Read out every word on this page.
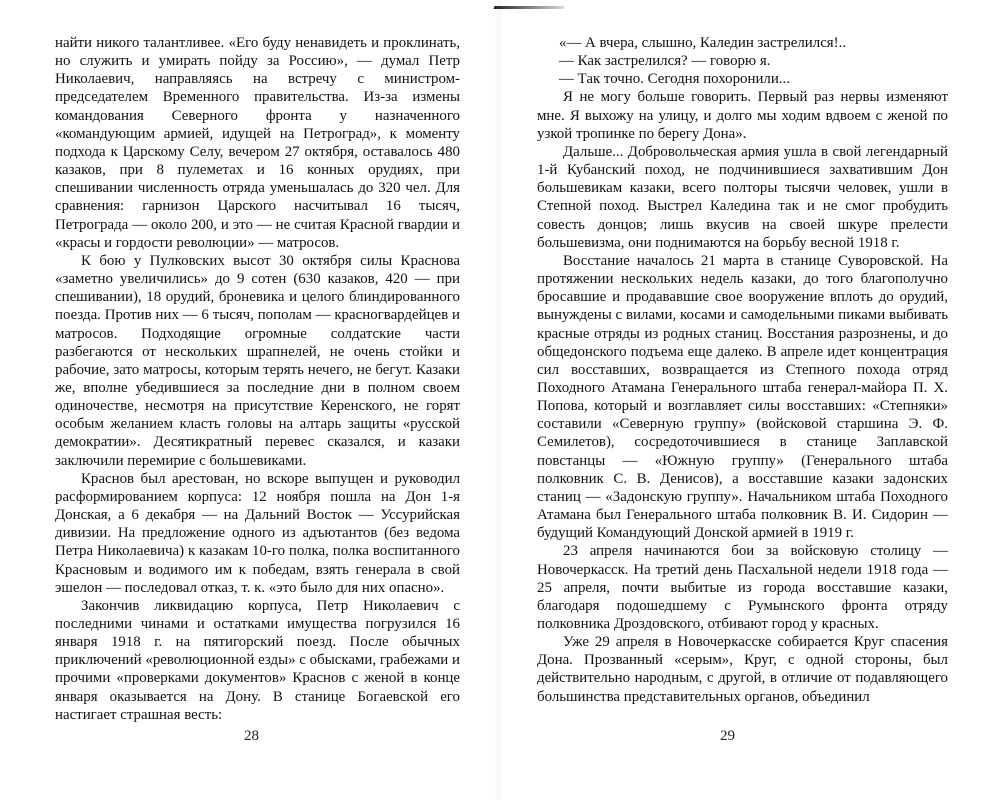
найти никого талантливее. «Его буду ненавидеть и проклинать, но служить и умирать пойду за Россию», — думал Петр Николаевич, направляясь на встречу с министром-председателем Временного правительства. Из-за измены командования Северного фронта у назначенного «командующим армией, идущей на Петроград», к моменту подхода к Царскому Селу, вечером 27 октября, оставалось 480 казаков, при 8 пулеметах и 16 конных орудиях, при спешивании численность отряда уменьшалась до 320 чел. Для сравнения: гарнизон Царского насчитывал 16 тысяч, Петрограда — около 200, и это — не считая Красной гвардии и «красы и гордости революции» — матросов.

К бою у Пулковских высот 30 октября силы Краснова «заметно увеличились» до 9 сотен (630 казаков, 420 — при спешивании), 18 орудий, броневика и целого блиндированного поезда. Против них — 6 тысяч, пополам — красногвардейцев и матросов. Подходящие огромные солдатские части разбегаются от нескольких шрапнелей, не очень стойки и рабочие, зато матросы, которым терять нечего, не бегут. Казаки же, вполне убедившиеся за последние дни в полном своем одиночестве, несмотря на присутствие Керенского, не горят особым желанием класть головы на алтарь защиты «русской демократии». Десятикратный перевес сказался, и казаки заключили перемирие с большевиками.

Краснов был арестован, но вскоре выпущен и руководил расформированием корпуса: 12 ноября пошла на Дон 1-я Донская, а 6 декабря — на Дальний Восток — Уссурийская дивизии. На предложение одного из адъютантов (без ведома Петра Николаевича) к казакам 10-го полка, полка воспитанного Красновым и водимого им к победам, взять генерала в свой эшелон — последовал отказ, т. к. «это было для них опасно».

Закончив ликвидацию корпуса, Петр Николаевич с последними чинами и остатками имущества погрузился 16 января 1918 г. на пятигорский поезд. После обычных приключений «революционной езды» с обысками, грабежами и прочими «проверками документов» Краснов с женой в конце января оказывается на Дону. В станице Богаевской его настигает страшная весть:

28

«— А вчера, слышно, Каледин застрелился!..

— Как застрелился? — говорю я.

— Так точно. Сегодня похоронили...

Я не могу больше говорить. Первый раз нервы изменяют мне. Я выхожу на улицу, и долго мы ходим вдвоем с женой по узкой тропинке по берегу Дона».

Дальше... Добровольческая армия ушла в свой легендарный 1-й Кубанский поход, не подчинившиеся захватившим Дон большевикам казаки, всего полторы тысячи человек, ушли в Степной поход. Выстрел Каледина так и не смог пробудить совесть донцов; лишь вкусив на своей шкуре прелести большевизма, они поднимаются на борьбу весной 1918 г.

Восстание началось 21 марта в станице Суворовской. На протяжении нескольких недель казаки, до того благополучно бросавшие и продававшие свое вооружение вплоть до орудий, вынуждены с вилами, косами и самодельными пиками выбивать красные отряды из родных станиц. Восстания разрознены, и до общедонского подъема еще далеко. В апреле идет концентрация сил восставших, возвращается из Степного похода отряд Походного Атамана Генерального штаба генерал-майора П. Х. Попова, который и возглавляет силы восставших: «Степняки» составили «Северную группу» (войсковой старшина Э. Ф. Семилетов), сосредоточившиеся в станице Заплавской повстанцы — «Южную группу» (Генерального штаба полковник С. В. Денисов), а восставшие казаки задонских станиц — «Задонскую группу». Начальником штаба Походного Атамана был Генерального штаба полковник В. И. Сидорин — будущий Командующий Донской армией в 1919 г.

23 апреля начинаются бои за войсковую столицу — Новочеркасск. На третий день Пасхальной недели 1918 года — 25 апреля, почти выбитые из города восставшие казаки, благодаря подошедшему с Румынского фронта отряду полковника Дроздовского, отбивают город у красных.

Уже 29 апреля в Новочеркасске собирается Круг спасения Дона. Прозванный «серым», Круг, с одной стороны, был действительно народным, с другой, в отличие от подавляющего большинства представительных органов, объединил

29
